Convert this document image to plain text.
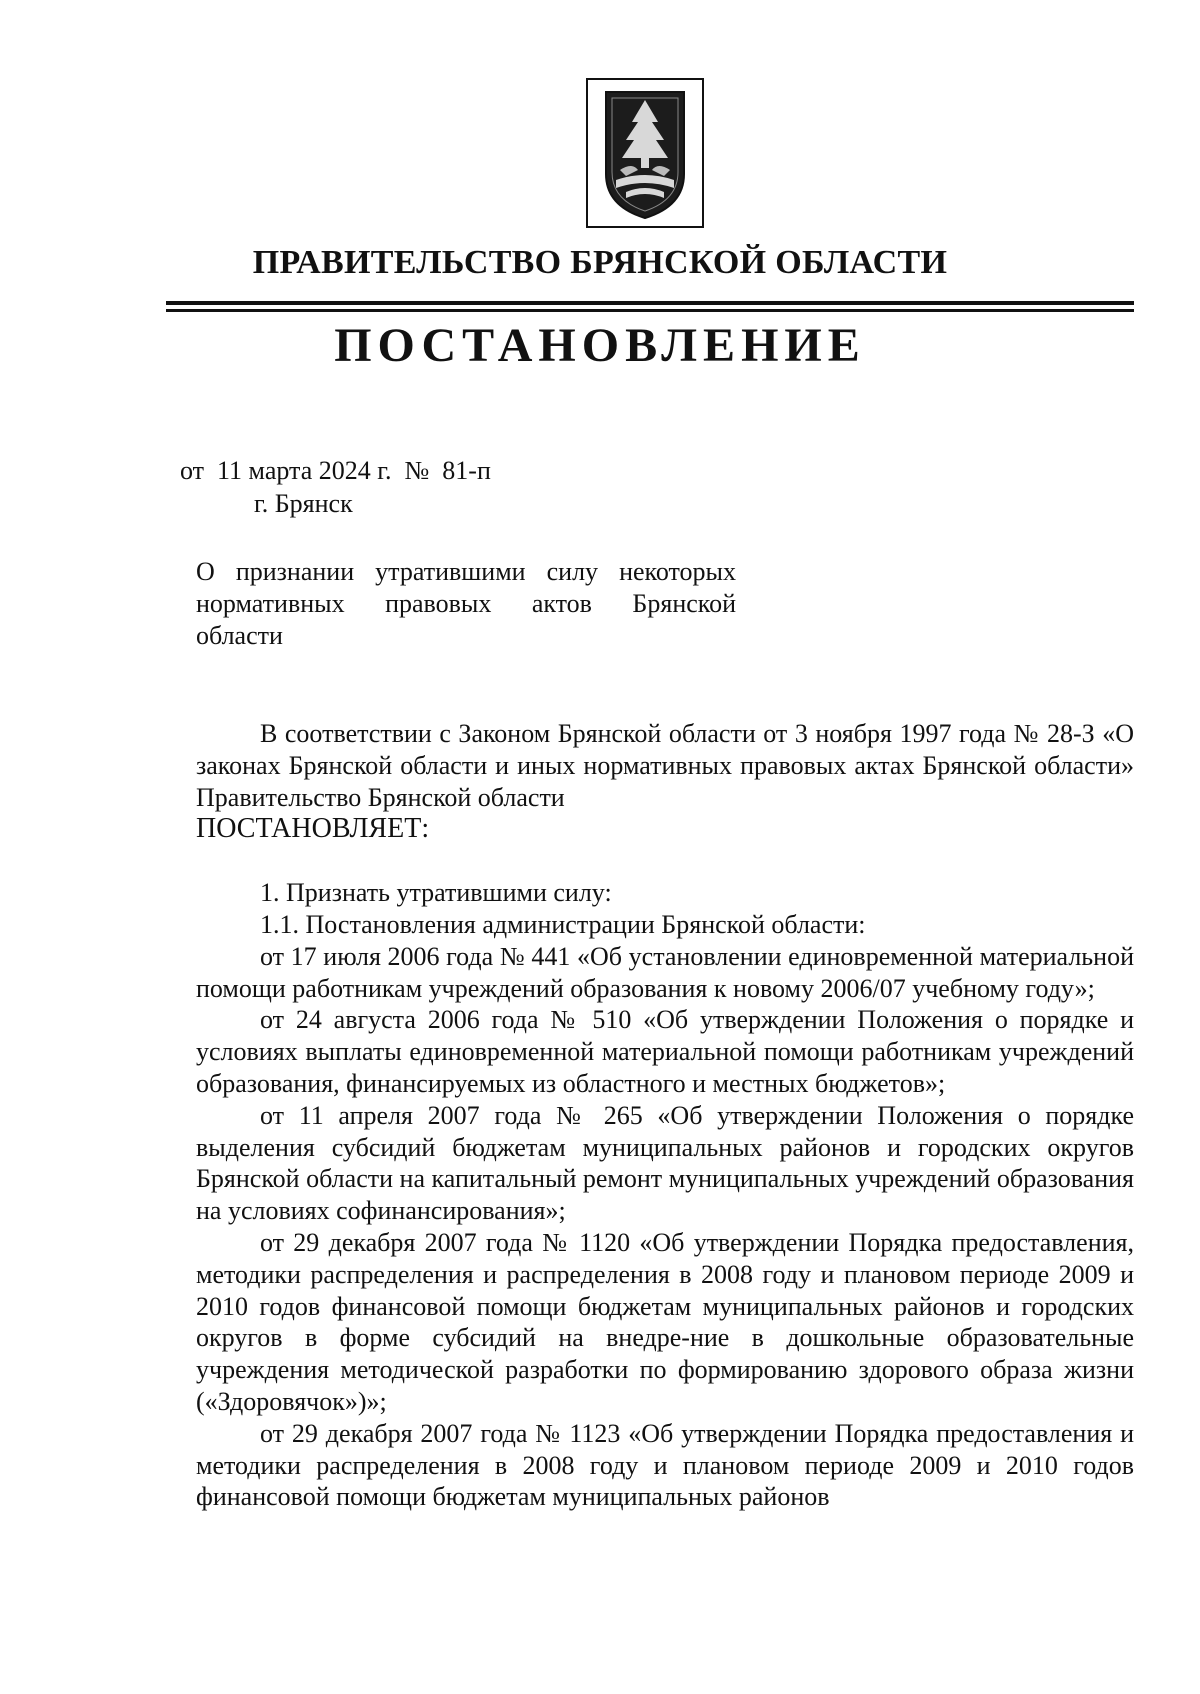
ПРАВИТЕЛЬСТВО БРЯНСКОЙ ОБЛАСТИ
ПОСТАНОВЛЕНИЕ
от  11 марта 2024 г.  №  81-п
г. Брянск
О признании утратившими силу некоторых
нормативных правовых актов Брянской
области

В соответствии с Законом Брянской области от 3 ноября 1997 года № 28-З «О законах Брянской области и иных нормативных правовых актах Брянской области» Правительство Брянской области

ПОСТАНОВЛЯЕТ:

1. Признать утратившими силу:

1.1. Постановления администрации Брянской области:

от 17 июля 2006 года № 441 «Об установлении единовременной материальной помощи работникам учреждений образования к новому 2006/07 учебному году»;

от 24 августа 2006 года № 510 «Об утверждении Положения о порядке и условиях выплаты единовременной материальной помощи работникам учреждений образования, финансируемых из областного и местных бюджетов»;

от 11 апреля 2007 года № 265 «Об утверждении Положения о порядке выделения субсидий бюджетам муниципальных районов и городских округов Брянской области на капитальный ремонт муниципальных учреждений образования на условиях софинансирования»;

от 29 декабря 2007 года № 1120 «Об утверждении Порядка предоставления, методики распределения и распределения в 2008 году и плановом периоде 2009 и 2010 годов финансовой помощи бюджетам муниципальных районов и городских округов в форме субсидий на внедре-ние в дошкольные образовательные учреждения методической разработки по формированию здорового образа жизни («Здоровячок»)»;

от 29 декабря 2007 года № 1123 «Об утверждении Порядка предоставления и методики распределения в 2008 году и плановом периоде 2009 и 2010 годов финансовой помощи бюджетам муниципальных районов
